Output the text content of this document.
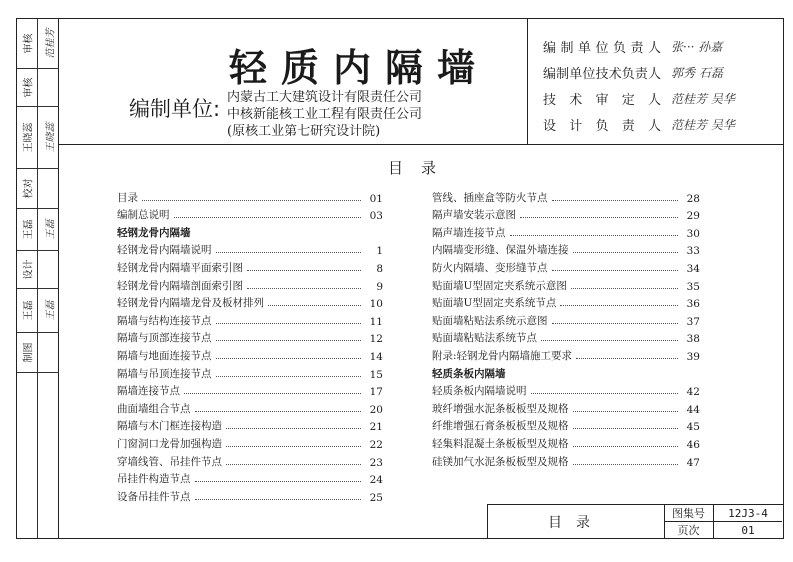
审核	范桂芳
审核
王晓蕊	王晓蕊
校对
王磊	王磊
设计
王磊	王磊
制图
轻质内隔墙
编制单位: 内蒙古工大建筑设计有限责任公司
中核新能核工业工程有限责任公司
(原核工业第七研究设计院)
编制单位负责人 张··· 孙嘉
编制单位技术负责人 郭秀 石磊
技术审定人 范桂芳 吴华
设计负责人 范桂芳 吴华
目录
目录	01
编制总说明	03
轻钢龙骨内隔墙
轻钢龙骨内隔墙说明	1
轻钢龙骨内隔墙平面索引图	8
轻钢龙骨内隔墙剖面索引图	9
轻钢龙骨内隔墙龙骨及板材排列	10
隔墙与结构连接节点	11
隔墙与顶部连接节点	12
隔墙与地面连接节点	14
隔墙与吊顶连接节点	15
隔墙连接节点	17
曲面墙组合节点	20
隔墙与木门框连接构造	21
门窗洞口龙骨加强构造	22
穿墙线管、吊挂件节点	23
吊挂件构造节点	24
设备吊挂件节点	25
管线、插座盒等防火节点	28
隔声墙安装示意图	29
隔声墙连接节点	30
内隔墙变形缝、保温外墙连接	33
防火内隔墙、变形缝节点	34
贴面墙U型固定夹系统示意图	35
贴面墙U型固定夹系统节点	36
贴面墙粘贴法系统示意图	37
贴面墙粘贴法系统节点	38
附录:轻钢龙骨内隔墙施工要求	39
轻质条板内隔墙
轻质条板内隔墙说明	42
玻纤增强水泥条板板型及规格	44
纤维增强石膏条板板型及规格	45
轻集料混凝土条板板型及规格	46
硅镁加气水泥条板板型及规格	47
目录
图集号	12J3-4
页次	01
